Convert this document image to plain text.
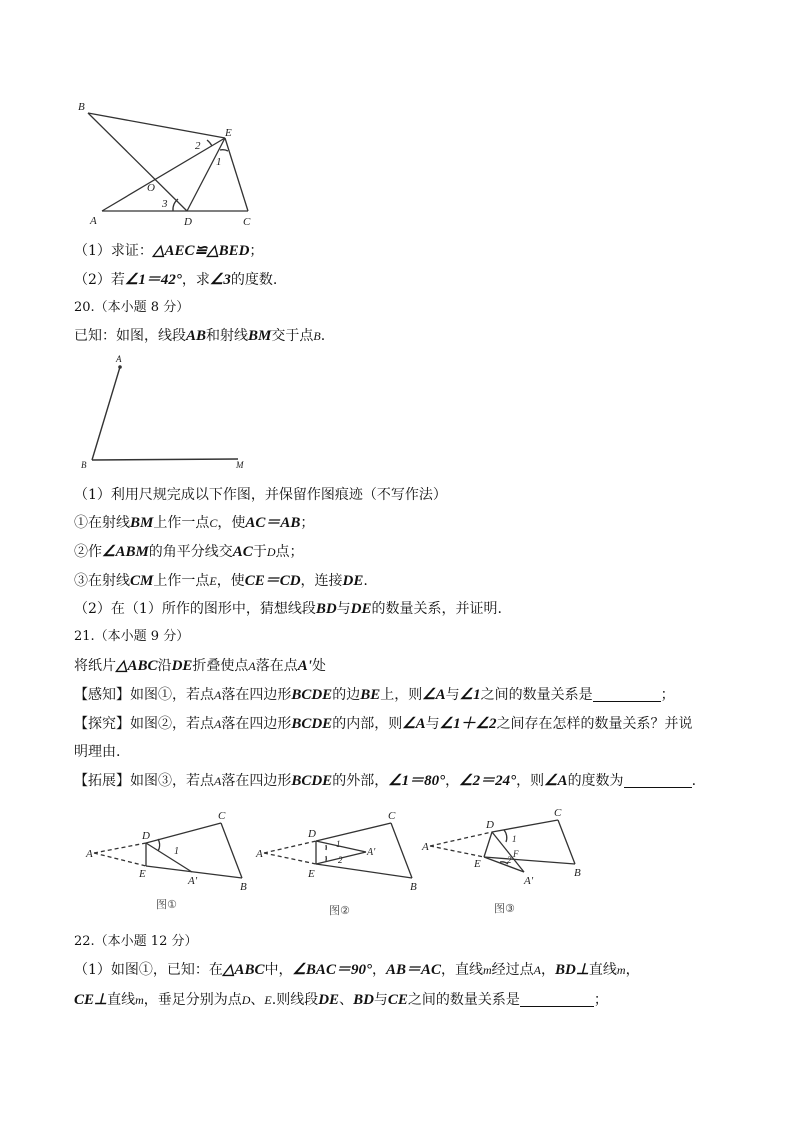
B
E
2
1
O
A
3
D	C
（1）求证：△AEC≌△BED；
（2）若∠1＝42°，求∠3的度数.
20.（本小题 8 分）
已知：如图，线段AB和射线BM交于点B.
A
B	M
（1）利用尺规完成以下作图，并保留作图痕迹（不写作法）
①在射线BM上作一点C，使AC＝AB；
②作∠ABM的角平分线交AC于D点；
③在射线CM上作一点E，使CE＝CD，连接DE.
（2）在（1）所作的图形中，猜想线段BD与DE的数量关系，并证明.
21.（本小题 9 分）
将纸片△ABC沿DE折叠使点A落在点A'处
【感知】如图①，若点A落在四边形BCDE的边BE上，则∠A与∠1之间的数量关系是	；
【探究】如图②，若点A落在四边形BCDE的内部，则∠A与∠1＋∠2之间存在怎样的数量关系？并说
明理由.
【拓展】如图③，若点A落在四边形BCDE的外部，∠1＝80°，∠2＝24°，则∠A的度数为	.
A
D
C
E
A'	B
1
图①
A
D
C
E
A'
B
1
2
图②
A
D
C
E
F
A'
B
1
2
图③
22.（本小题 12 分）
（1）如图①，已知：在△ABC中，∠BAC＝90°，AB＝AC，直线m经过点A，BD⊥直线m，
CE⊥直线m，垂足分别为点D、E.则线段DE、BD与CE之间的数量关系是	；
